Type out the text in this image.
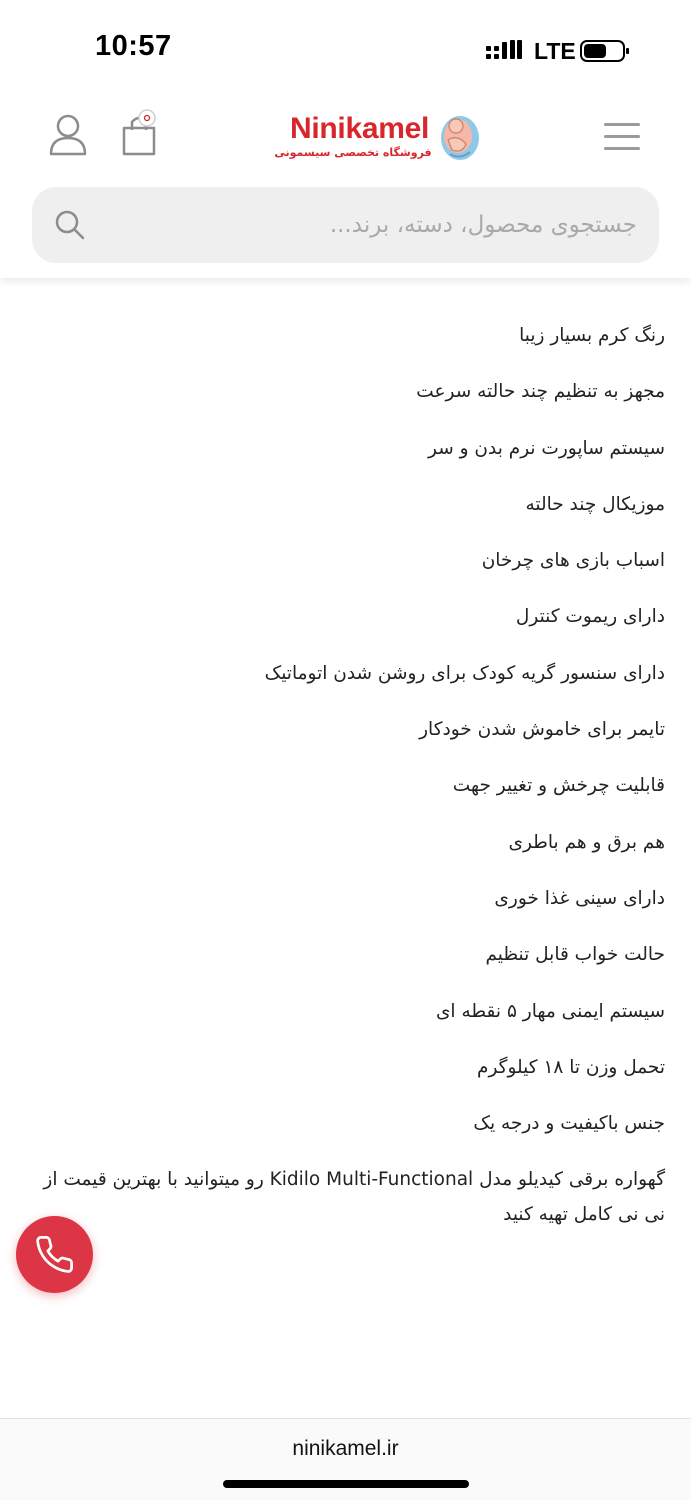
10:57	LTE
Ninikamel
فروشگاه تخصصی سیسمونی
جستجوی محصول، دسته، برند...
رنگ کرم بسیار زیبا
مجهز به تنظیم چند حالته سرعت
سیستم ساپورت نرم بدن و سر
موزیکال چند حالته
اسباب بازی های چرخان
دارای ریموت کنترل
دارای سنسور گریه کودک برای روشن شدن اتوماتیک
تایمر برای خاموش شدن خودکار
قابلیت چرخش و تغییر جهت
هم برق و هم باطری
دارای سینی غذا خوری
حالت خواب قابل تنظیم
سیستم ایمنی مهار ۵ نقطه ای
تحمل وزن تا ۱۸ کیلوگرم
جنس باکیفیت و درجه یک

گهواره برقی کیدیلو مدل Kidilo Multi-Functional رو میتوانید با بهترین قیمت از نی نی کامل تهیه کنید

ninikamel.ir
